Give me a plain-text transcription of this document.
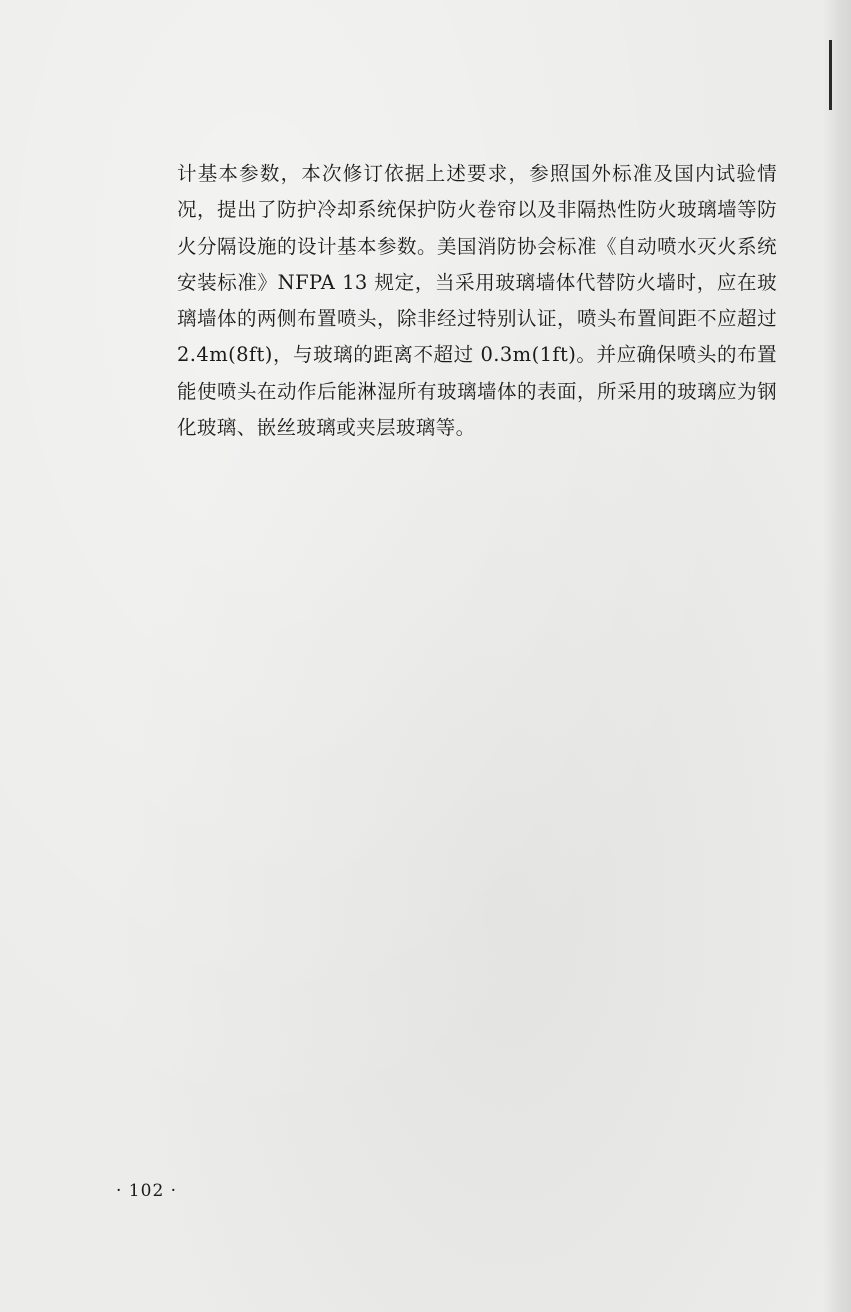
计基本参数，本次修订依据上述要求，参照国外标准及国内试验情况，提出了防护冷却系统保护防火卷帘以及非隔热性防火玻璃墙等防火分隔设施的设计基本参数。美国消防协会标准《自动喷水灭火系统安装标准》NFPA 13 规定，当采用玻璃墙体代替防火墙时，应在玻璃墙体的两侧布置喷头，除非经过特别认证，喷头布置间距不应超过 2.4m(8ft)，与玻璃的距离不超过 0.3m(1ft)。并应确保喷头的布置能使喷头在动作后能淋湿所有玻璃墙体的表面，所采用的玻璃应为钢化玻璃、嵌丝玻璃或夹层玻璃等。

· 102 ·
